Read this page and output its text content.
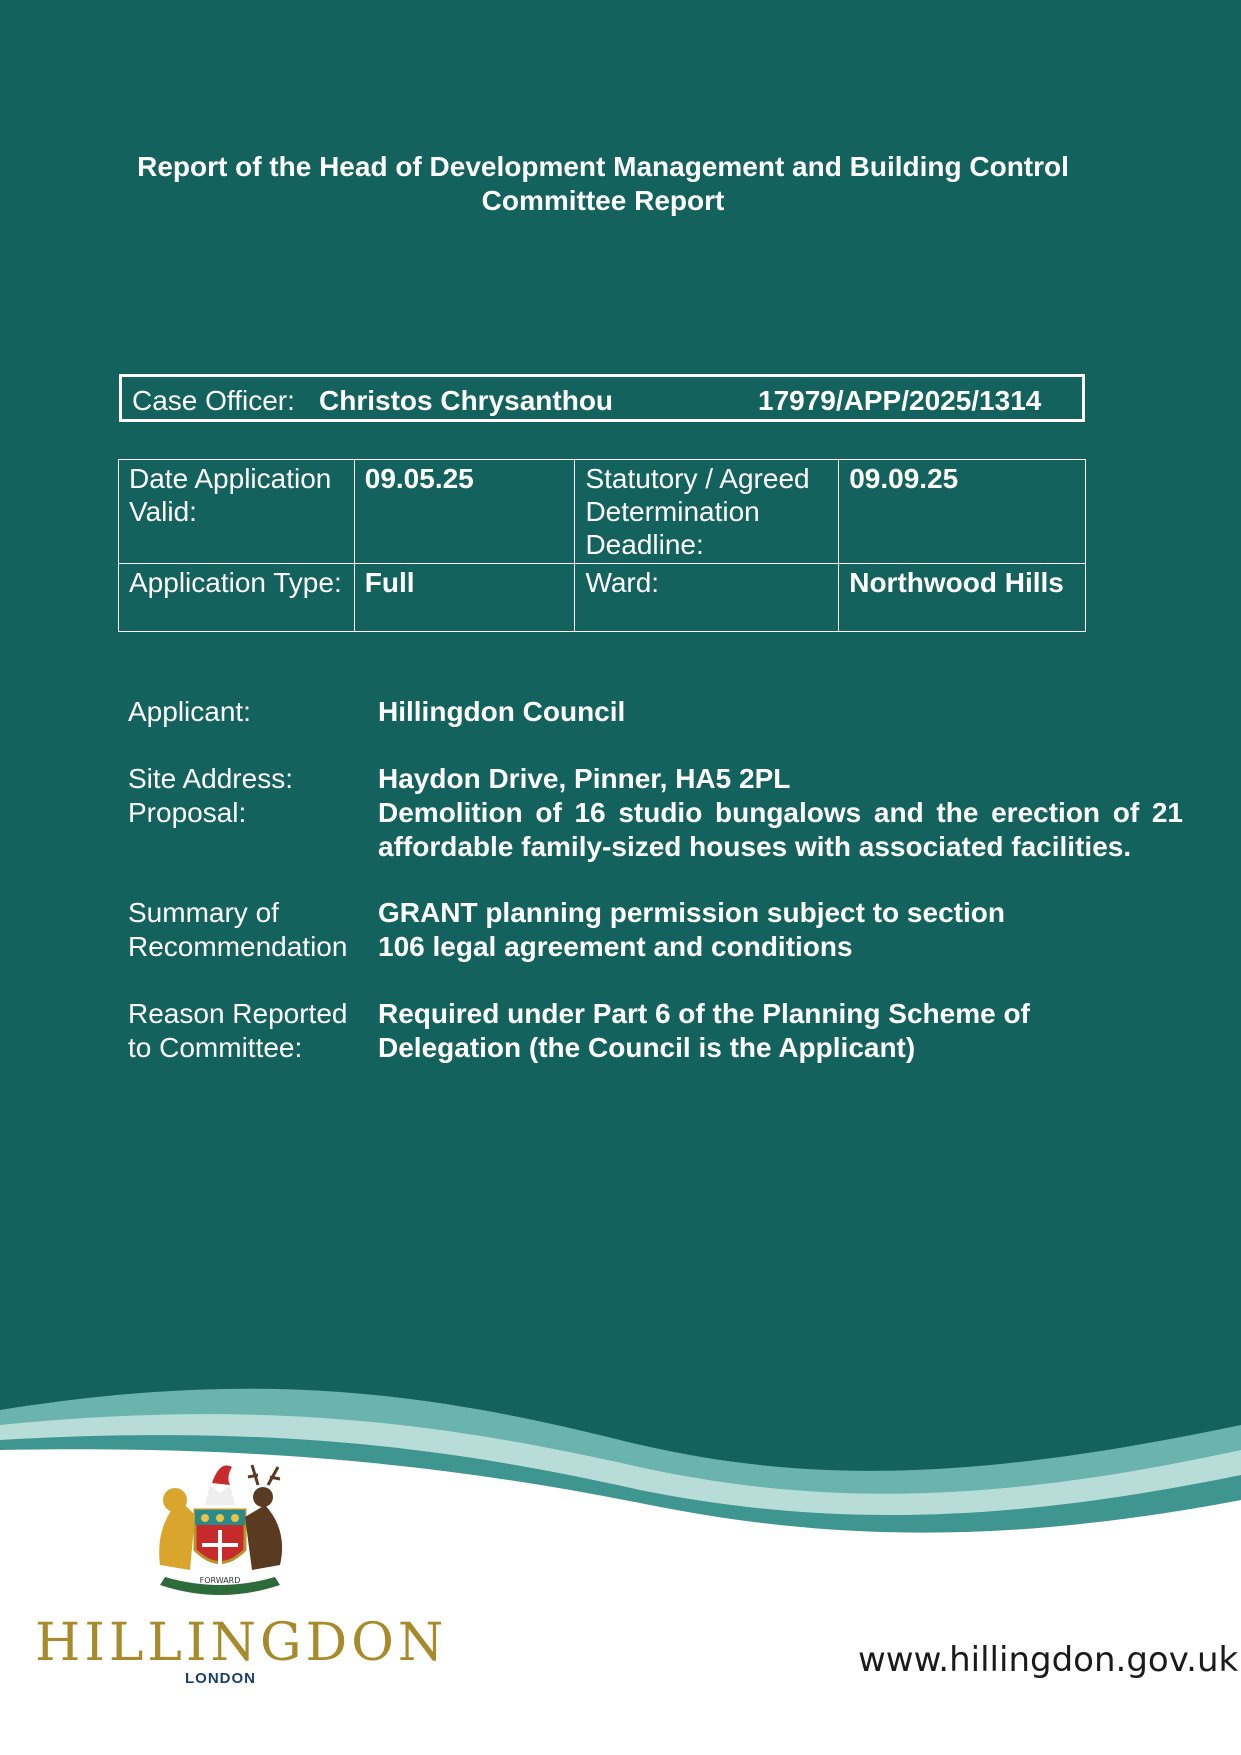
Report of the Head of Development Management and Building Control
Committee Report
Case Officer: Christos Chrysanthou	17979/APP/2025/1314
Date Application Valid:	09.05.25	Statutory / Agreed Determination Deadline:	09.09.25
Application Type:	Full	Ward:	Northwood Hills
Applicant:	Hillingdon Council
Site Address:	Haydon Drive, Pinner, HA5 2PL
Proposal:	Demolition of 16 studio bungalows and the erection of 21 affordable family-sized houses with associated facilities.
Summary of Recommendation
GRANT planning permission subject to section 106 legal agreement and conditions
Reason Reported to Committee:
Required under Part 6 of the Planning Scheme of Delegation (the Council is the Applicant)
FORWARD
HILLINGDON
LONDON	www.hillingdon.gov.uk
